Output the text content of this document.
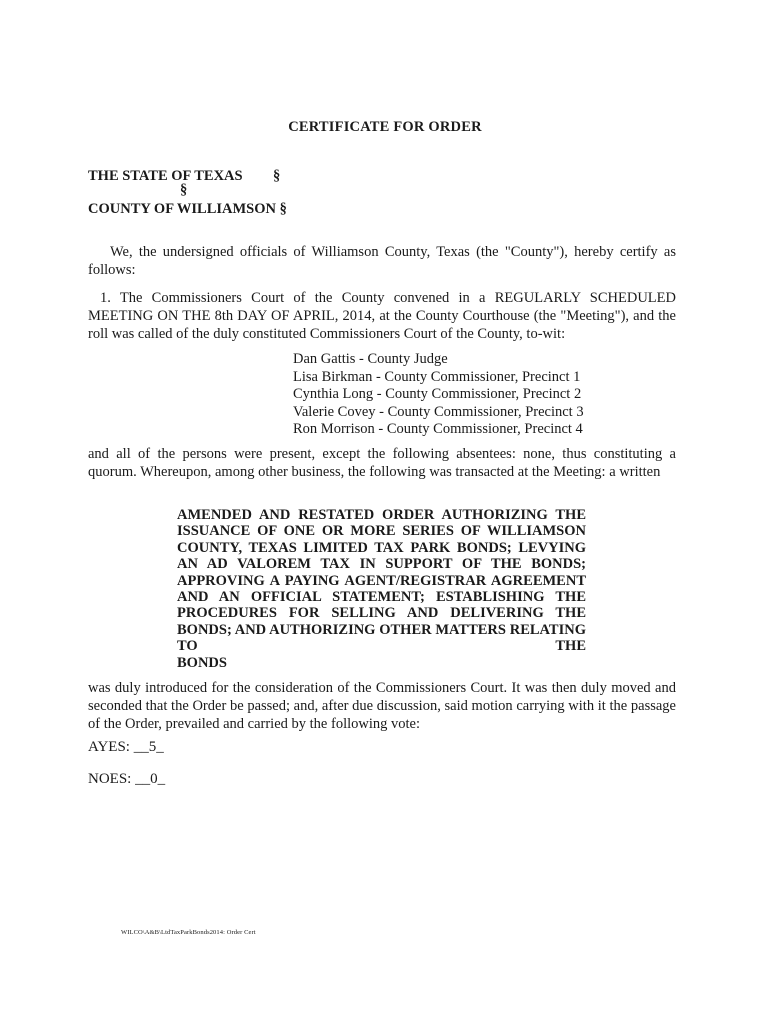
CERTIFICATE FOR ORDER

THE STATE OF TEXAS §
§
COUNTY OF WILLIAMSON §

We, the undersigned officials of Williamson County, Texas (the "County"), hereby certify as follows:

1. The Commissioners Court of the County convened in a REGULARLY SCHEDULED MEETING ON THE 8th DAY OF APRIL, 2014, at the County Courthouse (the "Meeting"), and the roll was called of the duly constituted Commissioners Court of the County, to-wit:

Dan Gattis - County Judge
Lisa Birkman - County Commissioner, Precinct 1
Cynthia Long - County Commissioner, Precinct 2
Valerie Covey - County Commissioner, Precinct 3
Ron Morrison - County Commissioner, Precinct 4

and all of the persons were present, except the following absentees: none, thus constituting a quorum. Whereupon, among other business, the following was transacted at the Meeting: a written

AMENDED AND RESTATED ORDER AUTHORIZING THE ISSUANCE OF ONE OR MORE SERIES OF WILLIAMSON COUNTY, TEXAS LIMITED TAX PARK BONDS; LEVYING AN AD VALOREM TAX IN SUPPORT OF THE BONDS; APPROVING A PAYING AGENT/REGISTRAR AGREEMENT AND AN OFFICIAL STATEMENT; ESTABLISHING THE PROCEDURES FOR SELLING AND DELIVERING THE BONDS; AND AUTHORIZING OTHER MATTERS RELATING TO THE
BONDS

was duly introduced for the consideration of the Commissioners Court. It was then duly moved and seconded that the Order be passed; and, after due discussion, said motion carrying with it the passage of the Order, prevailed and carried by the following vote:

AYES: __5_

NOES: __0_

WILCO\A&B\LtdTaxParkBonds2014: Order Cert
